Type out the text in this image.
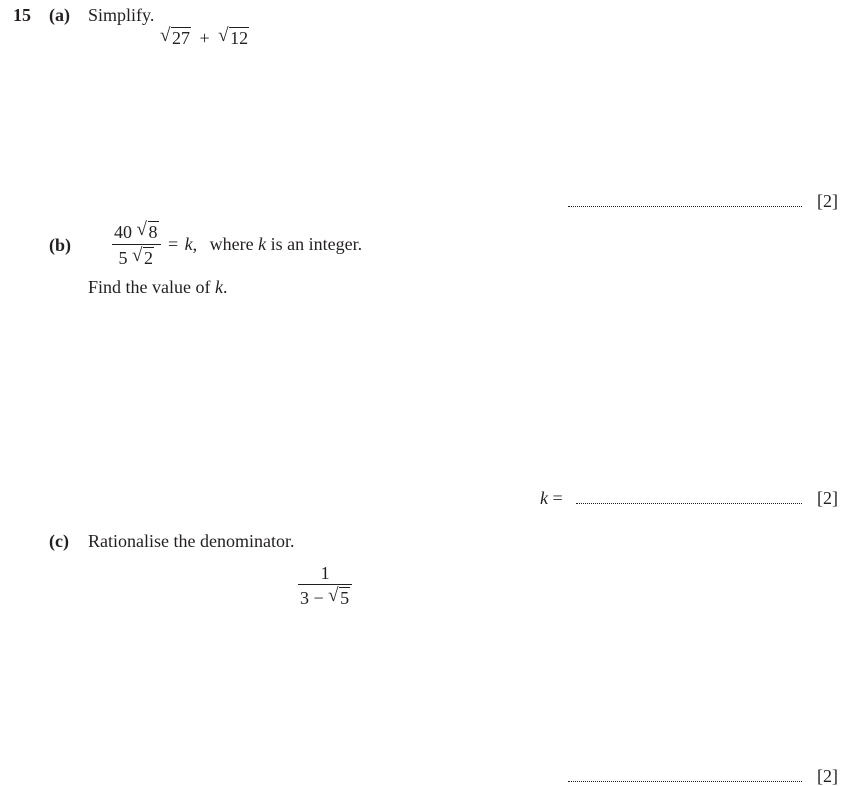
15 (a) Simplify.
√ 27 + √ 12
[2]
$(b) \frac{40 √ 8}{5 √ 2} = k$, where k is an integer.
Find the value of k.
k =	[2]
(c) Rationalise the denominator.
$\frac{1}{3 - √ 5}$
[2]
